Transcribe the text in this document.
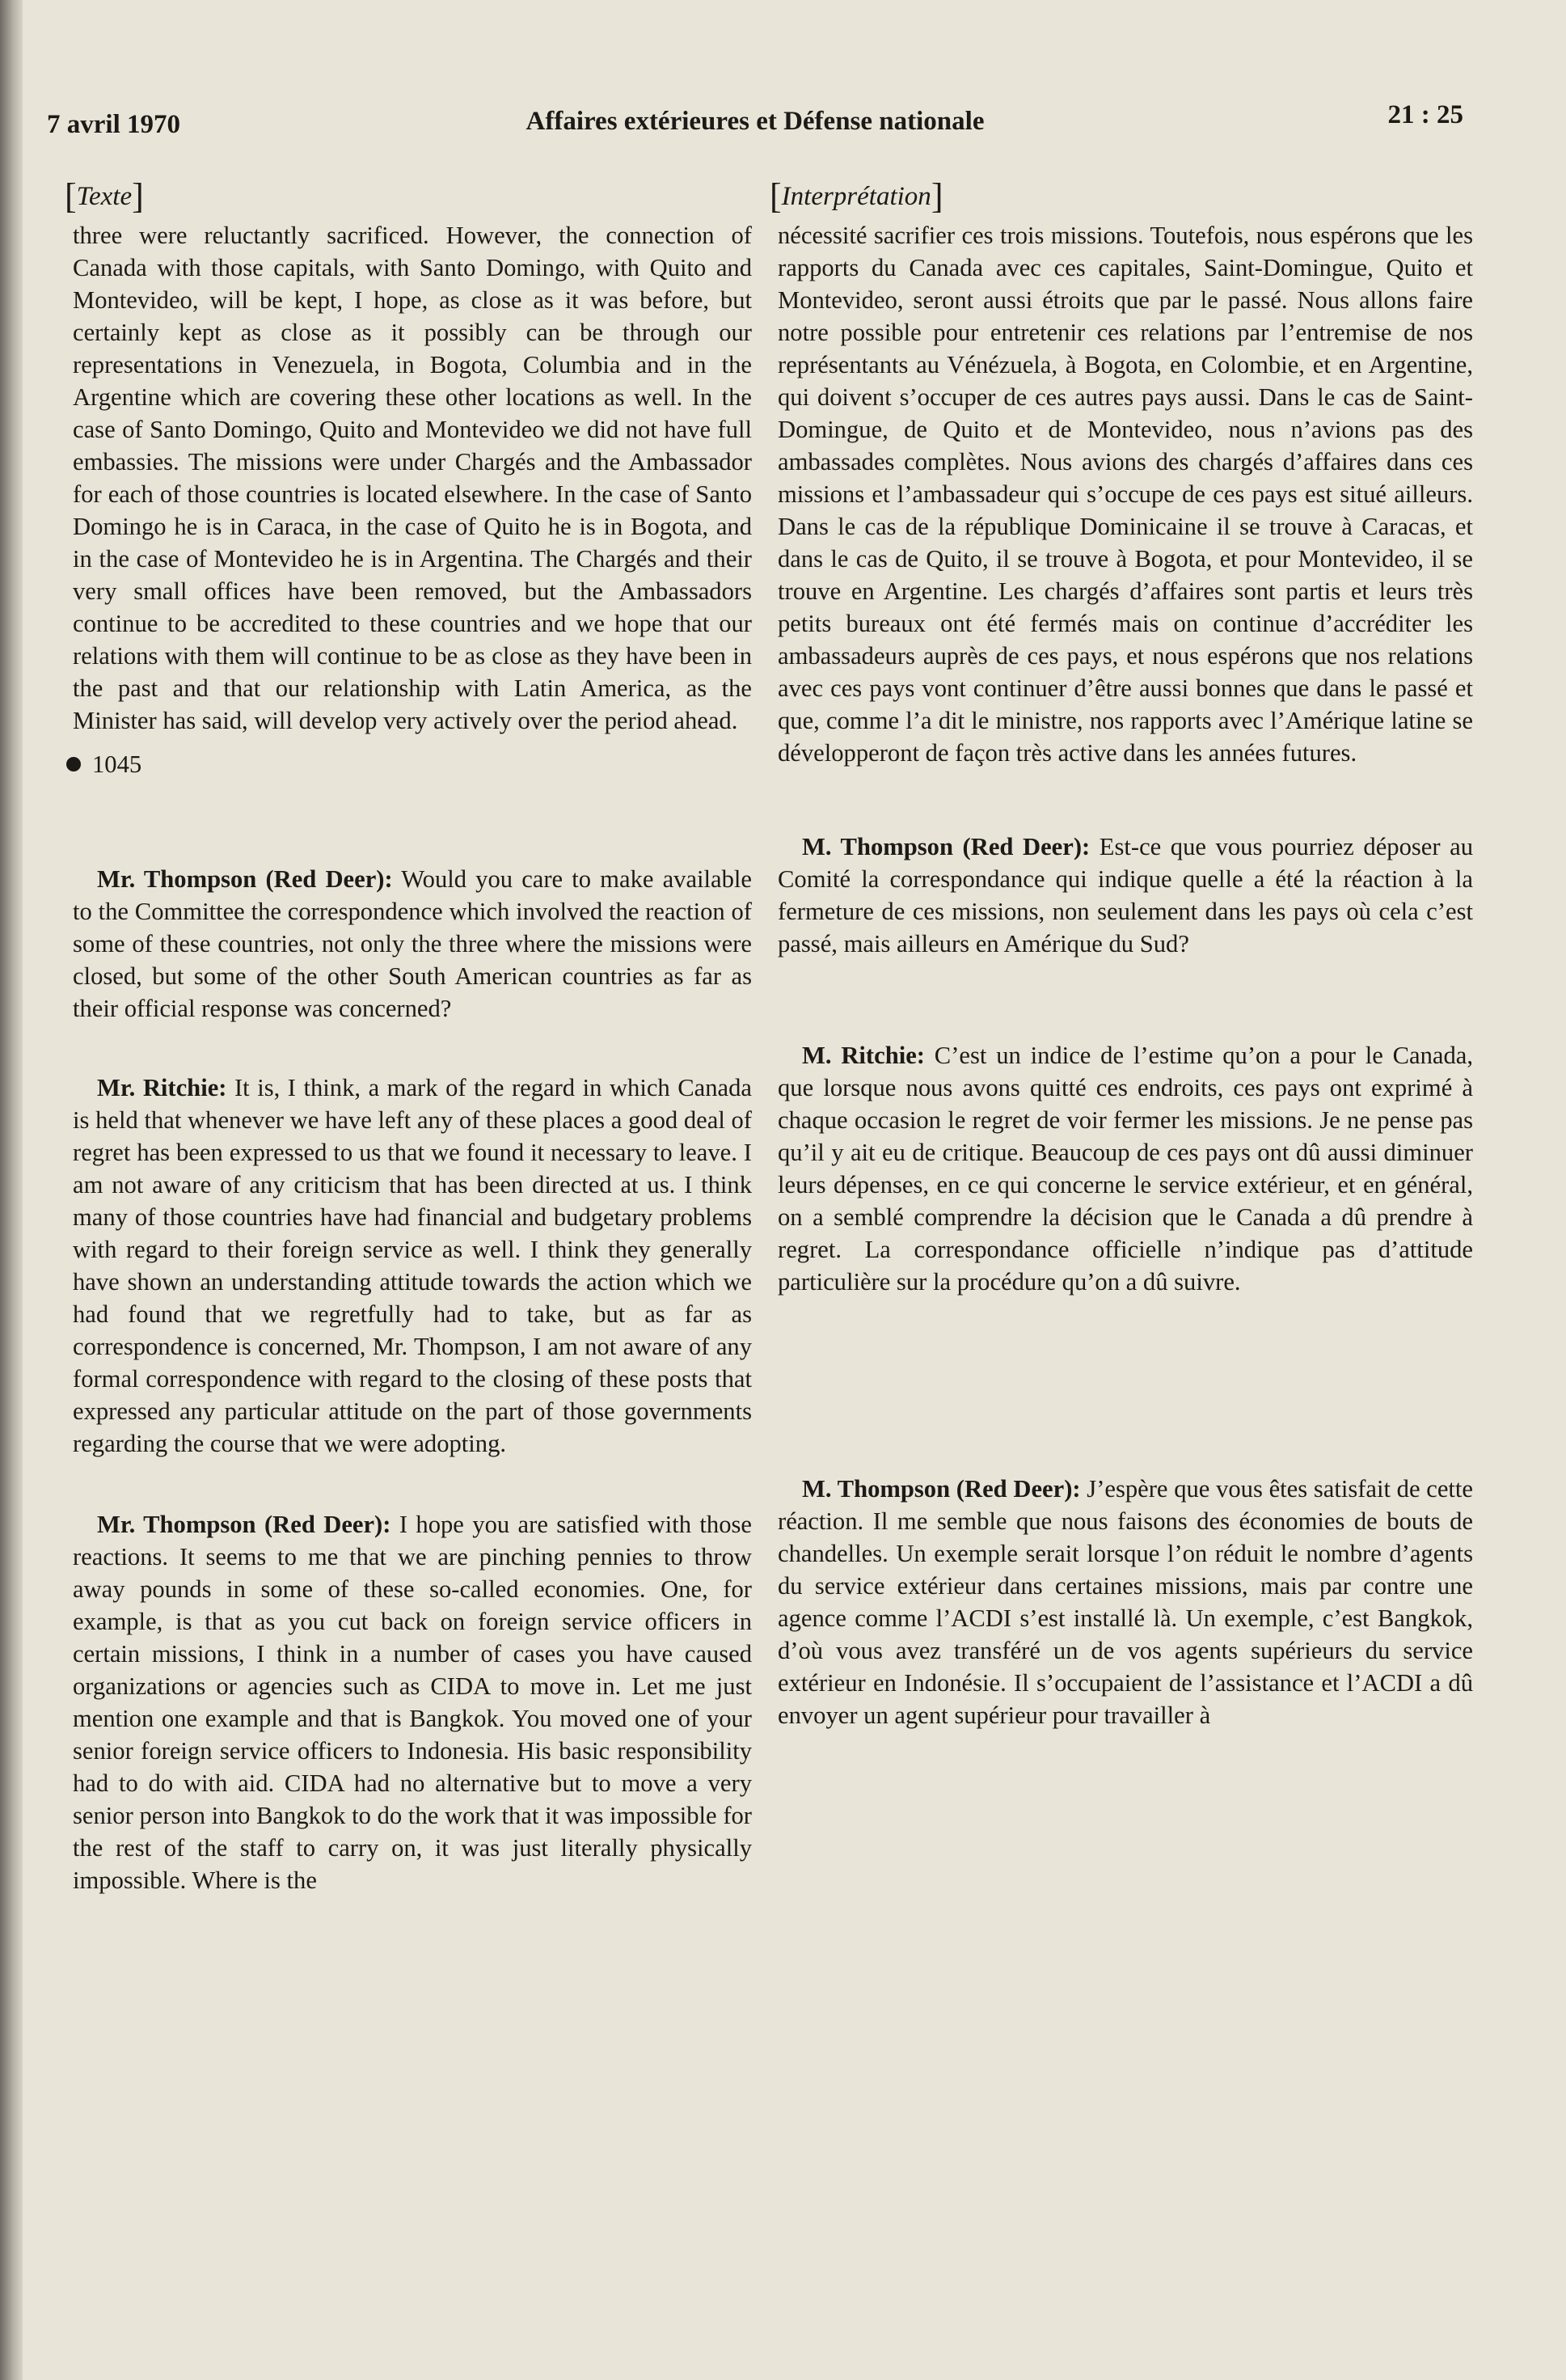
7 avril 1970	Affaires extérieures et Défense nationale	21 : 25
[ Texte ]

three were reluctantly sacrificed. However, the connection of Canada with those capitals, with Santo Domingo, with Quito and Montevideo, will be kept, I hope, as close as it was before, but certainly kept as close as it possibly can be through our representations in Venezuela, in Bogota, Columbia and in the Argentine which are covering these other locations as well. In the case of Santo Domingo, Quito and Montevideo we did not have full embassies. The missions were under Chargés and the Ambassador for each of those countries is located elsewhere. In the case of Santo Domingo he is in Caraca, in the case of Quito he is in Bogota, and in the case of Montevideo he is in Argentina. The Chargés and their very small offices have been removed, but the Ambassadors continue to be accredited to these countries and we hope that our relations with them will continue to be as close as they have been in the past and that our relationship with Latin America, as the Minister has said, will develop very actively over the period ahead.

1045

Mr. Thompson (Red Deer): Would you care to make available to the Committee the correspondence which involved the reaction of some of these countries, not only the three where the missions were closed, but some of the other South American countries as far as their official response was concerned?

Mr. Ritchie: It is, I think, a mark of the regard in which Canada is held that whenever we have left any of these places a good deal of regret has been expressed to us that we found it necessary to leave. I am not aware of any criticism that has been directed at us. I think many of those countries have had financial and budgetary problems with regard to their foreign service as well. I think they generally have shown an understanding attitude towards the action which we had found that we regretfully had to take, but as far as correspondence is concerned, Mr. Thompson, I am not aware of any formal correspondence with regard to the closing of these posts that expressed any particular attitude on the part of those governments regarding the course that we were adopting.

Mr. Thompson (Red Deer): I hope you are satisfied with those reactions. It seems to me that we are pinching pennies to throw away pounds in some of these so-called economies. One, for example, is that as you cut back on foreign service officers in certain missions, I think in a number of cases you have caused organizations or agencies such as CIDA to move in. Let me just mention one example and that is Bangkok. You moved one of your senior foreign service officers to Indonesia. His basic responsibility had to do with aid. CIDA had no alternative but to move a very senior person into Bangkok to do the work that it was impossible for the rest of the staff to carry on, it was just literally physically impossible. Where is the

[ Interprétation ]

nécessité sacrifier ces trois missions. Toutefois, nous espérons que les rapports du Canada avec ces capitales, Saint-Domingue, Quito et Montevideo, seront aussi étroits que par le passé. Nous allons faire notre possible pour entretenir ces relations par l’entremise de nos représentants au Vénézuela, à Bogota, en Colombie, et en Argentine, qui doivent s’occuper de ces autres pays aussi. Dans le cas de Saint-Domingue, de Quito et de Montevideo, nous n’avions pas des ambassades complètes. Nous avions des chargés d’affaires dans ces missions et l’ambassadeur qui s’occupe de ces pays est situé ailleurs. Dans le cas de la république Dominicaine il se trouve à Caracas, et dans le cas de Quito, il se trouve à Bogota, et pour Montevideo, il se trouve en Argentine. Les chargés d’affaires sont partis et leurs très petits bureaux ont été fermés mais on continue d’accréditer les ambassadeurs auprès de ces pays, et nous espérons que nos relations avec ces pays vont continuer d’être aussi bonnes que dans le passé et que, comme l’a dit le ministre, nos rapports avec l’Amérique latine se développeront de façon très active dans les années futures.

M. Thompson (Red Deer): Est-ce que vous pourriez déposer au Comité la correspondance qui indique quelle a été la réaction à la fermeture de ces missions, non seulement dans les pays où cela c’est passé, mais ailleurs en Amérique du Sud?

M. Ritchie: C’est un indice de l’estime qu’on a pour le Canada, que lorsque nous avons quitté ces endroits, ces pays ont exprimé à chaque occasion le regret de voir fermer les missions. Je ne pense pas qu’il y ait eu de critique. Beaucoup de ces pays ont dû aussi diminuer leurs dépenses, en ce qui concerne le service extérieur, et en général, on a semblé comprendre la décision que le Canada a dû prendre à regret. La correspondance officielle n’indique pas d’attitude particulière sur la procédure qu’on a dû suivre.

M. Thompson (Red Deer): J’espère que vous êtes satisfait de cette réaction. Il me semble que nous faisons des économies de bouts de chandelles. Un exemple serait lorsque l’on réduit le nombre d’agents du service extérieur dans certaines missions, mais par contre une agence comme l’ACDI s’est installé là. Un exemple, c’est Bangkok, d’où vous avez transféré un de vos agents supérieurs du service extérieur en Indonésie. Il s’occupaient de l’assistance et l’ACDI a dû envoyer un agent supérieur pour travailler à
